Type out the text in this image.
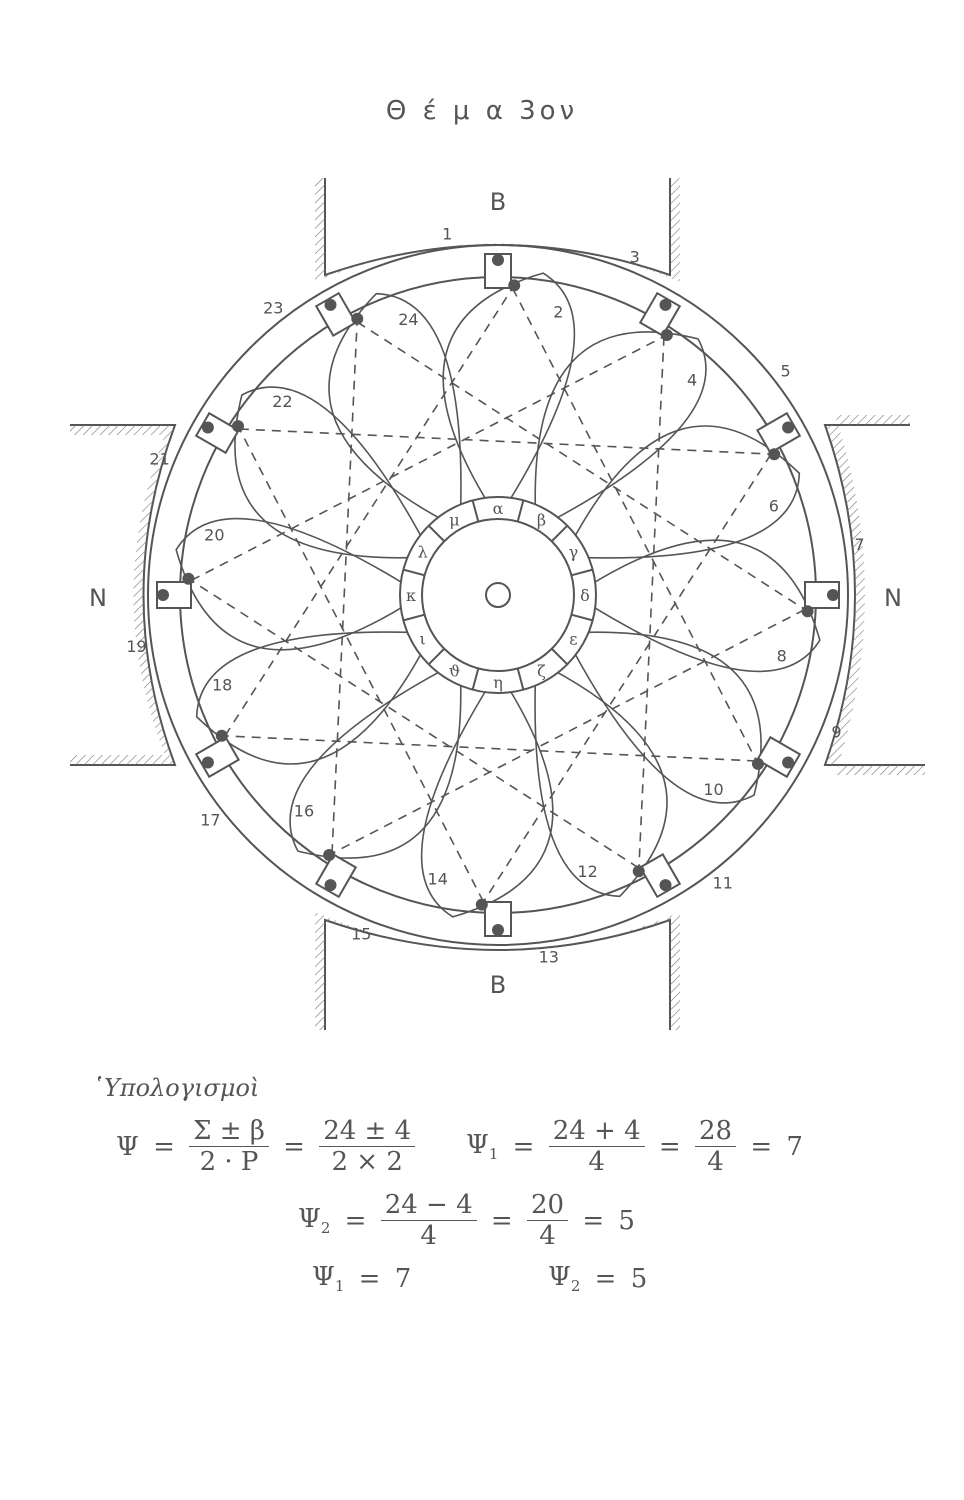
Θ έ μ α 3ον
1
2
3
4	5
6
7
8
9
10
11
12
13
14
15
16
17
18
19
20
21
22
23
24
α
β
γ
δ
ε
ζ
η
ϑ
ι
κ
λ
μ
B
B
N	N
῾Υπολογισμοὶ
$\Psi = \frac{\Sigma \pm \beta}{2 \cdot P} = \frac{24 \pm 4}{2 \times 2} \Psi_1 = \frac{24 + 4}{4} = \frac{28}{4} = 7$
$\Psi_2 = \frac{24 - 4}{4} = \frac{20}{4} = 5$
$\Psi_1 = 7$	$\Psi_2 = 5$
